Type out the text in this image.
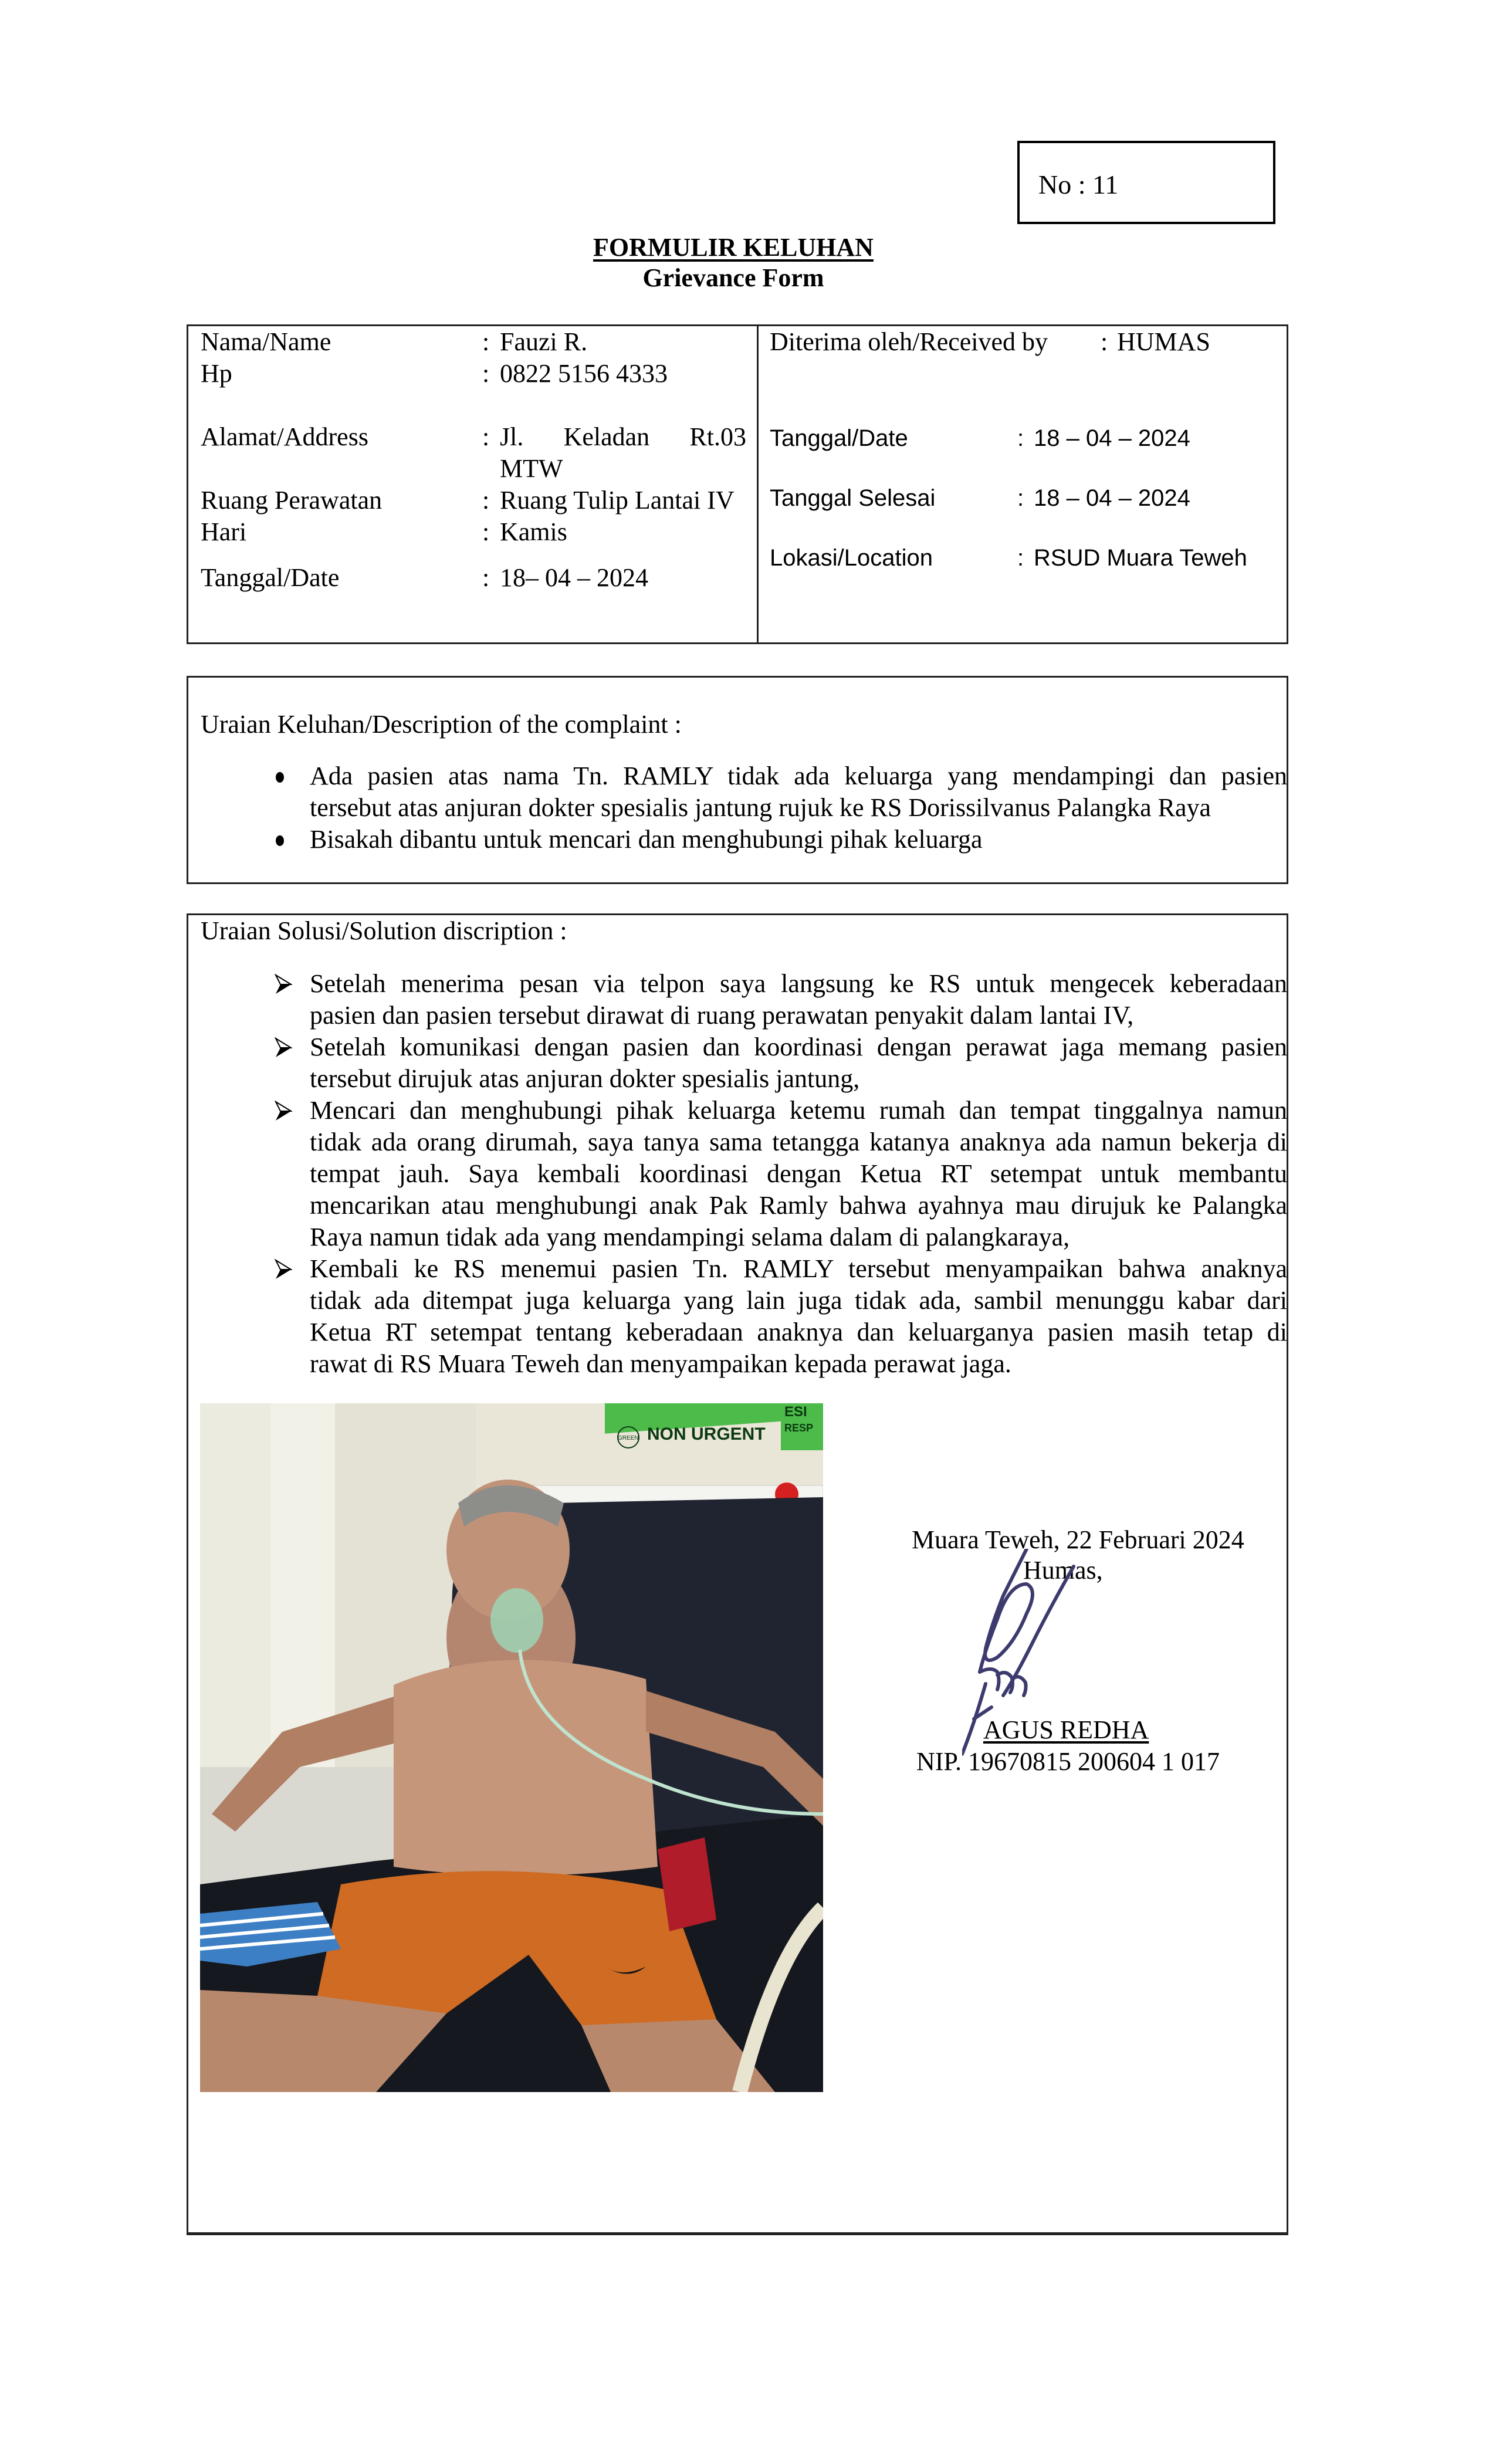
No : 11
FORMULIR KELUHAN
Grievance Form
Nama/Name	: Fauzi R.
Hp	: 0822 5156 4333
Alamat/Address	: Jl. Keladan Rt.03
MTW
Ruang Perawatan	: Ruang Tulip Lantai IV
Hari	: Kamis
Tanggal/Date	: 18– 04 – 2024
Diterima oleh/Received by : HUMAS
Tanggal/Date	: 18 – 04 – 2024
Tanggal Selesai	: 18 – 04 – 2024
Lokasi/Location	: RSUD Muara Teweh
Uraian Keluhan/Description of the complaint :
Ada pasien atas nama Tn. RAMLY tidak ada keluarga yang mendampingi dan pasien
tersebut atas anjuran dokter spesialis jantung rujuk ke RS Dorissilvanus Palangka Raya
Bisakah dibantu untuk mencari dan menghubungi pihak keluarga
Uraian Solusi/Solution discription :
Setelah menerima pesan via telpon saya langsung ke RS untuk mengecek keberadaan
pasien dan pasien tersebut dirawat di ruang perawatan penyakit dalam lantai IV,
Setelah komunikasi dengan pasien dan koordinasi dengan perawat jaga memang pasien
tersebut dirujuk atas anjuran dokter spesialis jantung,
Mencari dan menghubungi pihak keluarga ketemu rumah dan tempat tinggalnya namun
tidak ada orang dirumah, saya tanya sama tetangga katanya anaknya ada namun bekerja di
tempat jauh. Saya kembali koordinasi dengan Ketua RT setempat untuk membantu
mencarikan atau menghubungi anak Pak Ramly bahwa ayahnya mau dirujuk ke Palangka
Raya namun tidak ada yang mendampingi selama dalam di palangkaraya,
Kembali ke RS menemui pasien Tn. RAMLY tersebut menyampaikan bahwa anaknya
tidak ada ditempat juga keluarga yang lain juga tidak ada, sambil menunggu kabar dari
Ketua RT setempat tentang keberadaan anaknya dan keluarganya pasien masih tetap di
rawat di RS Muara Teweh dan menyampaikan kepada perawat jaga.
GREEN NON URGENT
ESI
RESP
Muara Teweh, 22 Februari 2024
Humas,
AGUS REDHA
NIP. 19670815 200604 1 017
